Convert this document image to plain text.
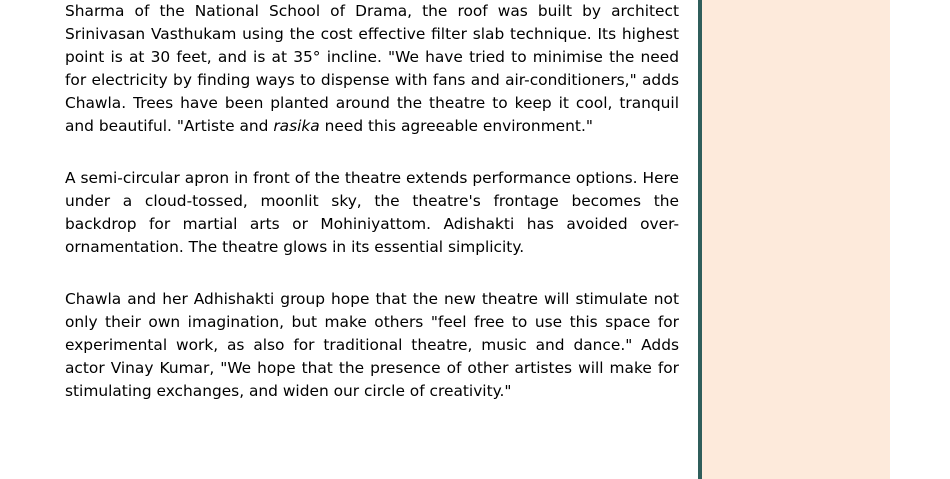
Sharma of the National School of Drama, the roof was built by architect Srinivasan Vasthukam using the cost effective filter slab technique. Its highest point is at 30 feet, and is at 35° incline. "We have tried to minimise the need for electricity by finding ways to dispense with fans and air-conditioners," adds Chawla. Trees have been planted around the theatre to keep it cool, tranquil and beautiful. "Artiste and rasika need this agreeable environment."

A semi-circular apron in front of the theatre extends performance options. Here under a cloud-tossed, moonlit sky, the theatre's frontage becomes the backdrop for martial arts or Mohiniyattom. Adishakti has avoided over-ornamentation. The theatre glows in its essential simplicity.

Chawla and her Adhishakti group hope that the new theatre will stimulate not only their own imagination, but make others "feel free to use this space for experimental work, as also for traditional theatre, music and dance." Adds actor Vinay Kumar, "We hope that the presence of other artistes will make for stimulating exchanges, and widen our circle of creativity."
